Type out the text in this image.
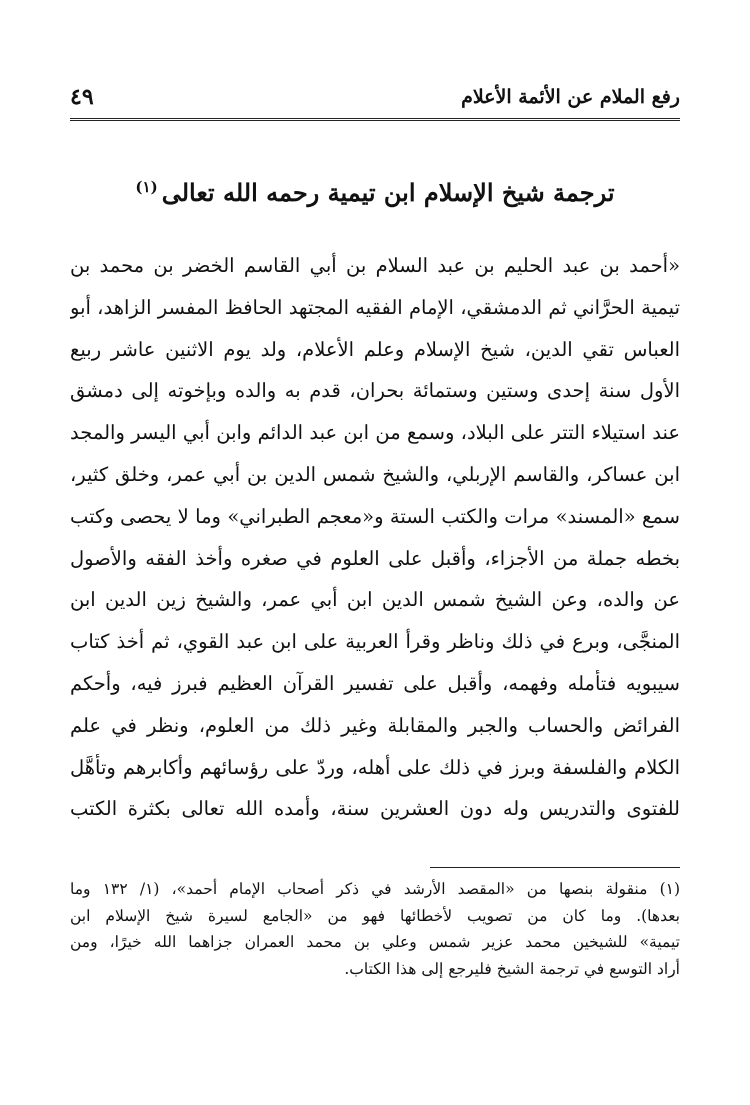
رفع الملام عن الأئمة الأعلام
٤٩
ترجمة شيخ الإسلام ابن تيمية رحمه الله تعالى$^{(١)}$
«أحمد بن عبد الحليم بن عبد السلام بن أبي القاسم الخضر بن محمد بن
تيمية الحرَّاني ثم الدمشقي، الإمام الفقيه المجتهد الحافظ المفسر الزاهد، أبو
العباس تقي الدين، شيخ الإسلام وعلم الأعلام، ولد يوم الاثنين عاشر ربيع
الأول سنة إحدى وستين وستمائة بحران، قدم به والده وبإخوته إلى دمشق
عند استيلاء التتر على البلاد، وسمع من ابن عبد الدائم وابن أبي اليسر والمجد
ابن عساكر، والقاسم الإربلي، والشيخ شمس الدين بن أبي عمر، وخلق كثير،
سمع «المسند» مرات والكتب الستة و«معجم الطبراني» وما لا يحصى وكتب
بخطه جملة من الأجزاء، وأقبل على العلوم في صغره وأخذ الفقه والأصول
عن والده، وعن الشيخ شمس الدين ابن أبي عمر، والشيخ زين الدين ابن
المنجَّى، وبرع في ذلك وناظر وقرأ العربية على ابن عبد القوي، ثم أخذ كتاب
سيبويه فتأمله وفهمه، وأقبل على تفسير القرآن العظيم فبرز فيه، وأحكم
الفرائض والحساب والجبر والمقابلة وغير ذلك من العلوم، ونظر في علم
الكلام والفلسفة وبرز في ذلك على أهله، وردّ على رؤسائهم وأكابرهم وتأهَّل
للفتوى والتدريس وله دون العشرين سنة، وأمده الله تعالى بكثرة الكتب
(١) منقولة بنصها من «المقصد الأرشد في ذكر أصحاب الإمام أحمد»، (١/ ١٣٢ وما
بعدها). وما كان من تصويب لأخطائها فهو من «الجامع لسيرة شيخ الإسلام ابن
تيمية» للشيخين محمد عزير شمس وعلي بن محمد العمران جزاهما الله خيرًا، ومن
أراد التوسع في ترجمة الشيخ فليرجع إلى هذا الكتاب.
